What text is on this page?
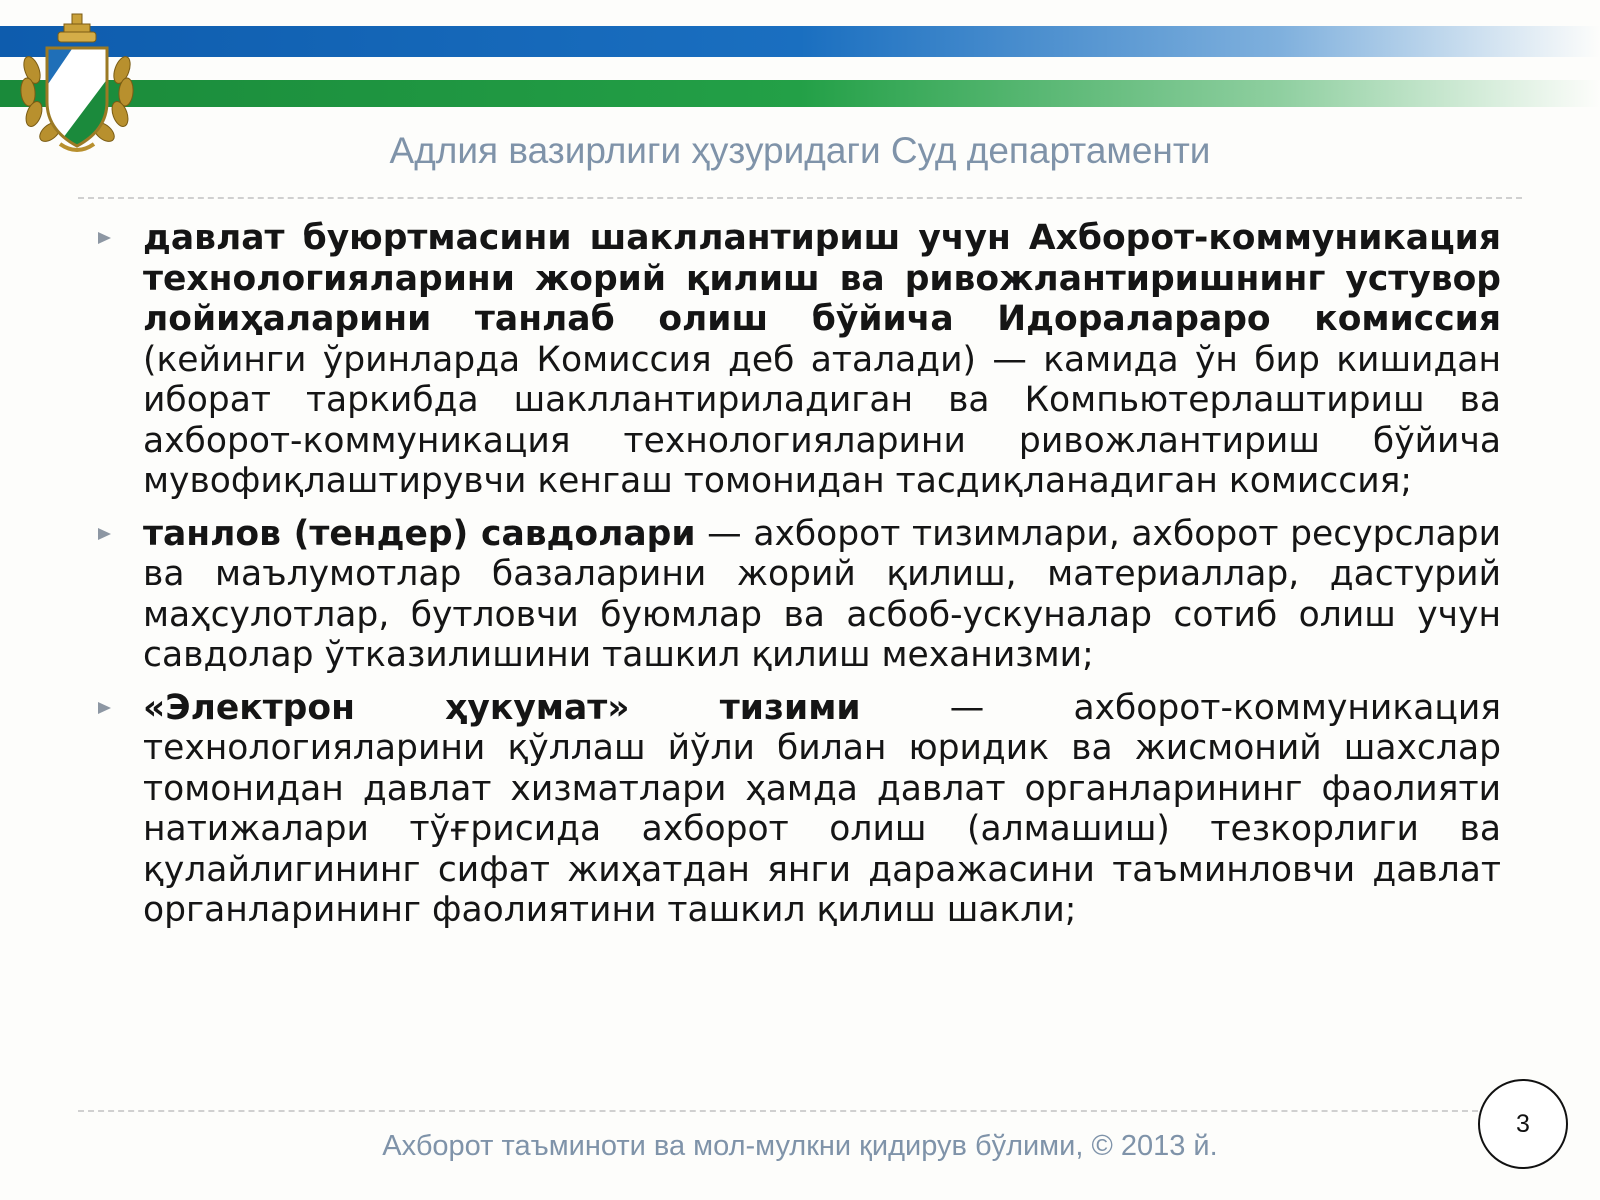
Адлия вазирлиги ҳузуридаги Суд департаменти
давлат буюртмасини шакллантириш учун Ахборот-коммуникация технологияларини жорий қилиш ва ривожлантиришнинг устувор лойиҳаларини танлаб олиш бўйича Идоралараро комиссия (кейинги ўринларда Комиссия деб аталади) — камида ўн бир кишидан иборат таркибда шакллантириладиган ва Компьютерлаштириш ва ахборот-коммуникация технологияларини ривожлантириш бўйича мувофиқлаштирувчи кенгаш томонидан тасдиқланадиган комиссия;
танлов (тендер) савдолари — ахборот тизимлари, ахборот ресурслари ва маълумотлар базаларини жорий қилиш, материаллар, дастурий маҳсулотлар, бутловчи буюмлар ва асбоб-ускуналар сотиб олиш учун савдолар ўтказилишини ташкил қилиш механизми;
«Электрон ҳукумат» тизими — ахборот-коммуникация технологияларини қўллаш йўли билан юридик ва жисмоний шахслар томонидан давлат хизматлари ҳамда давлат органларининг фаолияти натижалари тўғрисида ахборот олиш (алмашиш) тезкорлиги ва қулайлигининг сифат жиҳатдан янги даражасини таъминловчи давлат органларининг фаолиятини ташкил қилиш шакли;
Ахборот таъминоти ва мол-мулкни қидирув бўлими, © 2013 й.
3
